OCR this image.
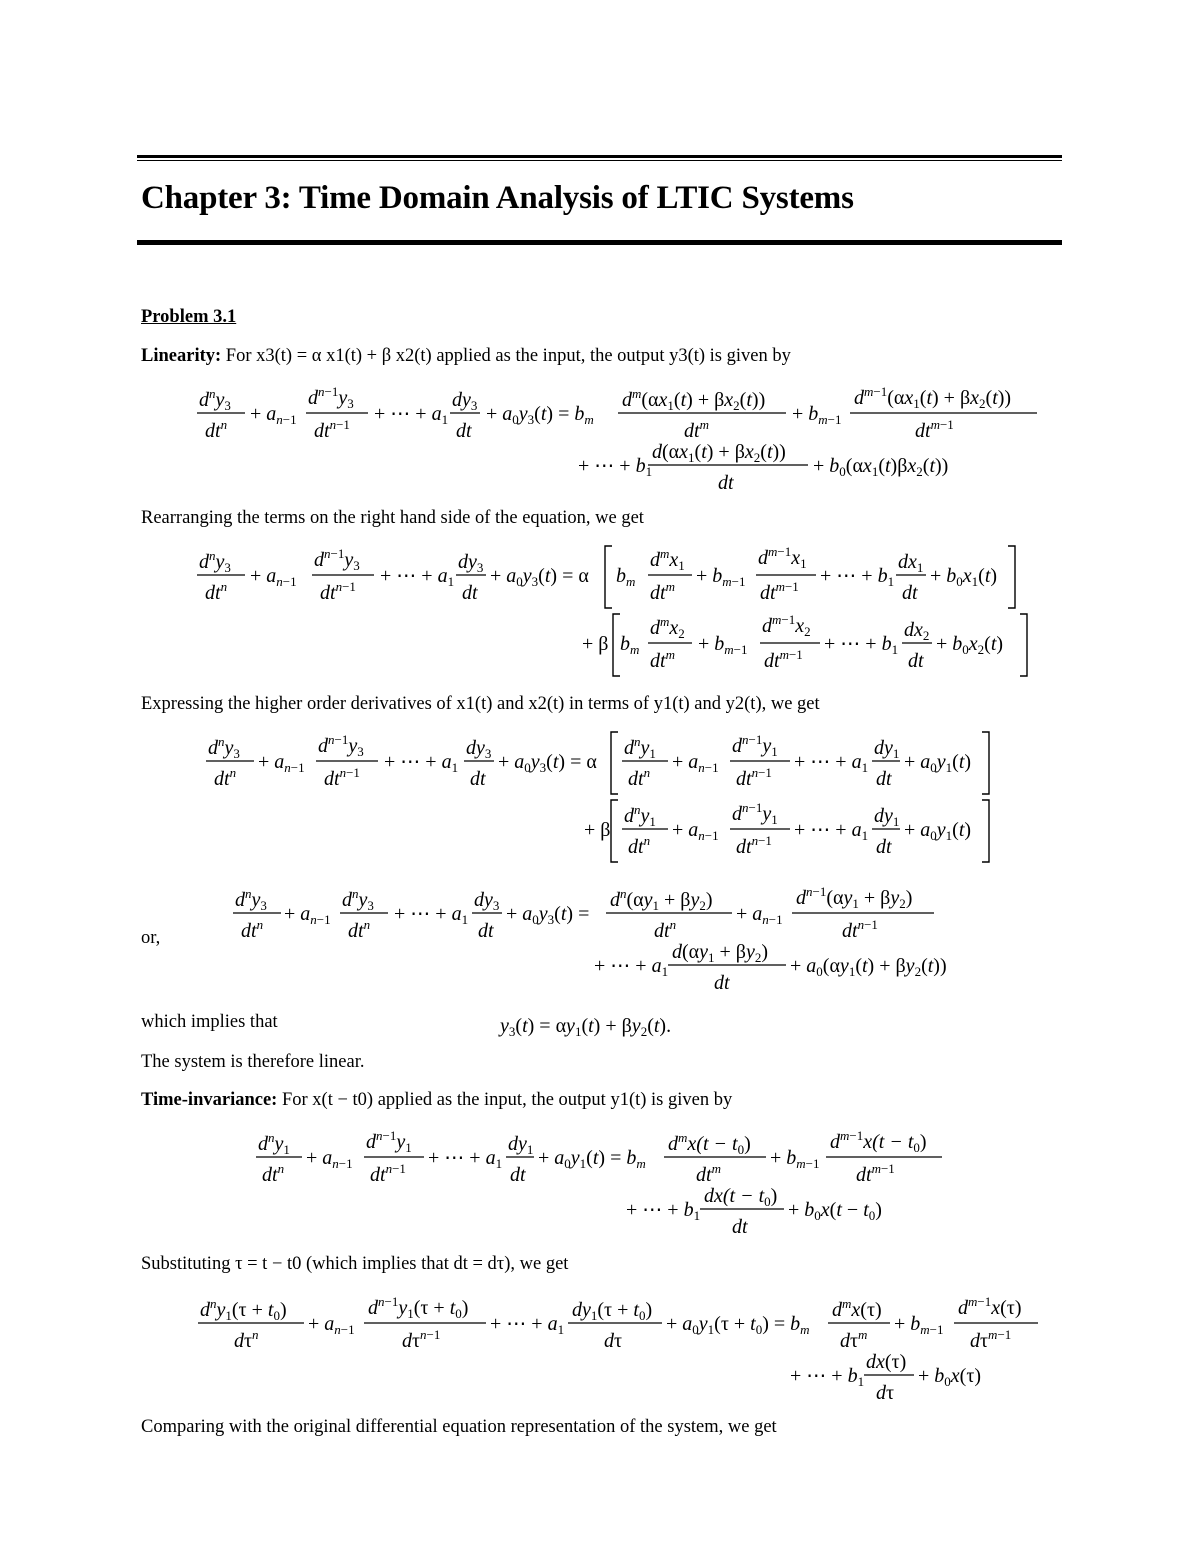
Chapter 3: Time Domain Analysis of LTIC Systems
Problem 3.1
Linearity: For x3(t) = α x1(t) + β x2(t) applied as the input, the output y3(t) is given by
$d^ny_3$
$dt^n + a_n-1$
$d^n-1y_3$
$dt^n-1$ + ⋯ + $a_1$
$dy_3$
dt
+ $a_0y_3(t) = b_m$
$d^m(\alpha x_1(t) + \beta x_2(t))$
$dt^m$	+ $b_m-1$
$d^m-1(\alpha x_1(t) + \beta x_2(t))$
$dt^m-1$
+ ⋯ + $b_1$
$d(\alpha x_1(t) + \beta x_2(t))$
dt
+ $b_0(\alpha x_1(t)\beta x_2(t))$
Rearranging the terms on the right hand side of the equation, we get
$d^ny_3$
$dt^n + a_n-1$
$d^n-1y_3$
$dt^n-1$ + ⋯ + $a_1$
$dy_3$
dt
+ $a_0y_3(t) = \alpha$ $b_m$
$d^mx_1$
$dt^m + b_m-1$
$d^m-1x_1$
$dt^m-1$ + ⋯ + $b_1$
$dx_1$
dt
+ $b_0x_1(t)$
+ β $b_m$
$d^mx_2$
$dt^m + b_m-1$
$d^m-1x_2$
$dt^m-1$ + ⋯ + $b_1$
$dx_2$
dt
+ $b_0x_2(t)$
Expressing the higher order derivatives of x1(t) and x2(t) in terms of y1(t) and y2(t), we get
$d^ny_3$
$dt^n + a_n-1$
$d^n-1y_3$
$dt^n-1$ + ⋯ + $a_1$
$dy_3$
dt
+ $a_0y_3(t) = \alpha$
$d^ny_1$
$dt^n + a_n-1$
$d^n-1y_1$
$dt^n-1$ + ⋯ + $a_1$
$dy_1$
dt
+ $a_0y_1(t)$
+ β
$d^ny_1$
$dt^n + a_n-1$
$d^n-1y_1$
$dt^n-1$ + ⋯ + $a_1$
$dy_1$
dt
+ $a_0y_1(t)$
or,
$d^ny_3$
$dt^n + a_n-1$
$d^ny_3$
$dt^n$ + ⋯ + $a_1$
$dy_3$
dt
+ $a_0y_3(t)$ =
$d^n(\alpha y_1 + \beta y_2)$
$dt^n$	+ $a_n-1$
$d^n-1(\alpha y_1 + \beta y_2)$
$dt^n-1$
+ ⋯ + $a_1$
$d(\alpha y_1 + \beta y_2)$
dt
+ $a_0(\alpha y_1(t) + \beta y_2(t))$
which implies that	$y_3(t) = \alpha y_1(t) + \beta y_2(t)$.
The system is therefore linear.
Time-invariance: For x(t − t0) applied as the input, the output y1(t) is given by
$d^ny_1$
$dt^n + a_n-1$
$d^n-1y_1$
$dt^n-1$ + ⋯ + $a_1$
$dy_1$
dt
+ $a_0y_1(t) = b_m$
$d^mx(t - t_0)$
$dt^m + b_m-1$
$d^m-1x(t - t_0)$
$dt^m-1$
+ ⋯ + $b_1$
$dx(t - t_0)$
dt
+ $b_0x(t - t_0)$
Substituting τ = t − t0 (which implies that dt = dτ), we get
$d^ny_1(\tau + t_0)$
$d\tau^n + a_n-1$
$d^n-1y_1(\tau + t_0)$
$d\tau^n-1$ + ⋯ + $a_1$
$dy_1(\tau + t_0)$
dτ
+ $a_0y_1(\tau + t_0) = b_m$
$d^mx(\tau)$
$d\tau^m + b_m-1$
$d^m-1x(\tau)$
$d\tau^m-1$
+ ⋯ + $b_1$
dx(τ)
dτ
+ $b_0x(\tau)$
Comparing with the original differential equation representation of the system, we get
